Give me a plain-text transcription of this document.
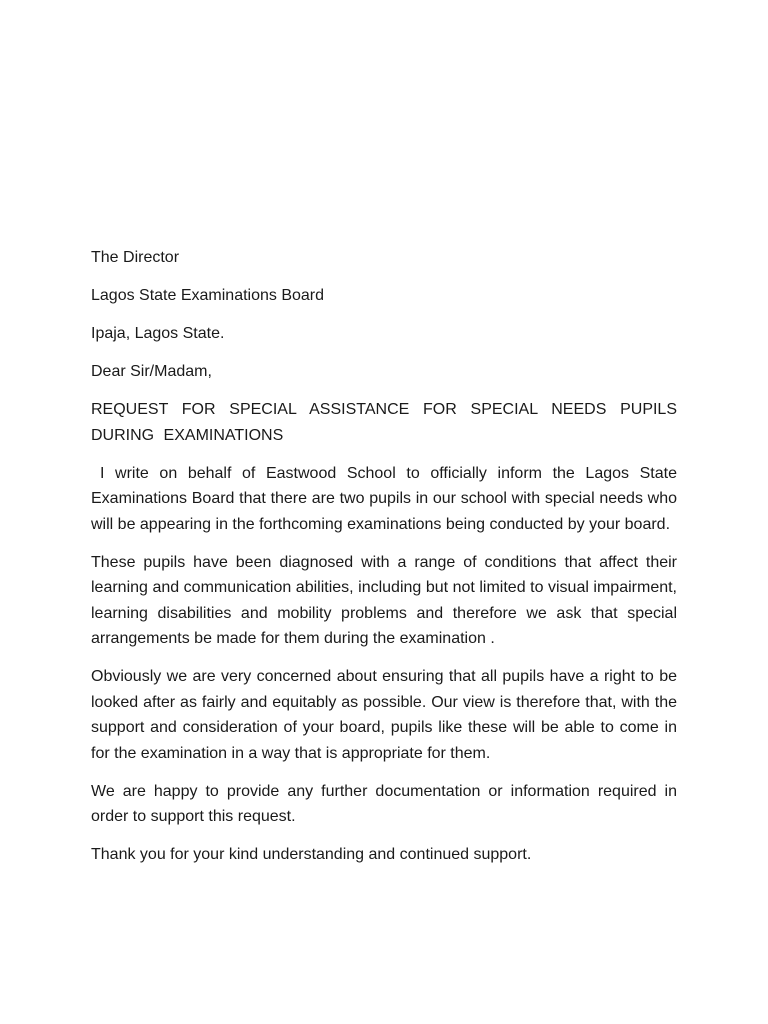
The Director

Lagos State Examinations Board

Ipaja, Lagos State.

Dear Sir/Madam,

REQUEST FOR SPECIAL ASSISTANCE FOR SPECIAL NEEDS PUPILS DURING EXAMINATIONS

I write on behalf of Eastwood School to officially inform the Lagos State Examinations Board that there are two pupils in our school with special needs who will be appearing in the forthcoming examinations being conducted by your board.

These pupils have been diagnosed with a range of conditions that affect their learning and communication abilities, including but not limited to visual impairment, learning disabilities and mobility problems and therefore we ask that special arrangements be made for them during the examination .

Obviously we are very concerned about ensuring that all pupils have a right to be looked after as fairly and equitably as possible. Our view is therefore that, with the support and consideration of your board, pupils like these will be able to come in for the examination in a way that is appropriate for them.

We are happy to provide any further documentation or information required in order to support this request.

Thank you for your kind understanding and continued support.
